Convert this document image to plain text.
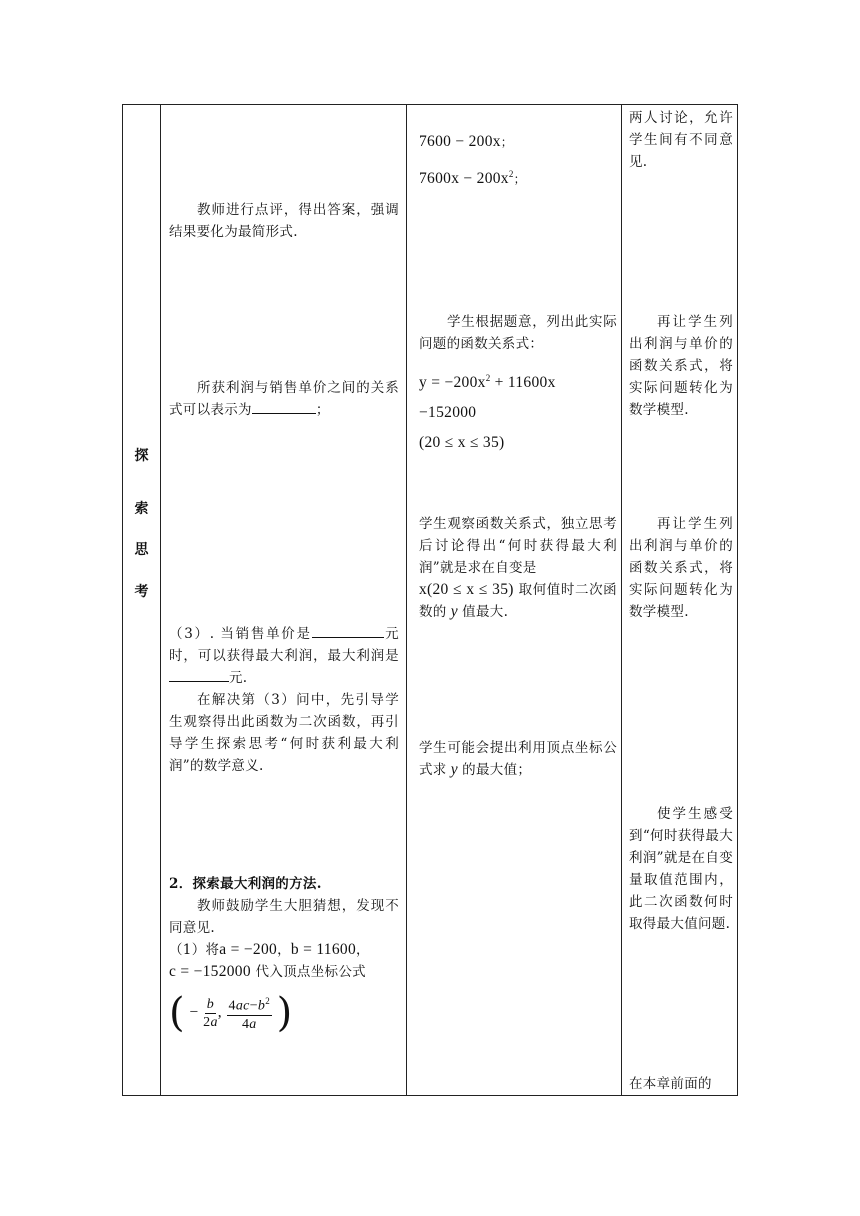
探
索
思
考
教师进行点评，得出答案，强调结果要化为最简形式.
所获利润与销售单价之间的关系式可以表示为	；
（3）. 当销售单价是	元时，可以获得最大利润，最大利润是元.
在解决第（3）问中，先引导学生观察得出此函数为二次函数，再引导学生探索思考“何时获利最大利润”的数学意义.
2．探索最大利润的方法.
教师鼓励学生大胆猜想，发现不同意见.
（1）将a = −200，b = 11600，
c = −152000 代入顶点坐标公式
( − $\frac{b}{2a}$ , $\frac{4ac-b^2}{4a}$ )
7600 − 200x；
$7600x - 200x^2$；
学生根据题意，列出此实际问题的函数关系式：
$y = -200x^2 + 11600x$
−152000
(20 ≤ x ≤ 35)
学生观察函数关系式，独立思考后讨论得出“何时获得最大利润”就是求在自变是
x(20 ≤ x ≤ 35) 取何值时二次函数的 y 值最大.
学生可能会提出利用顶点坐标公式求 y 的最大值；
两人讨论，允许学生间有不同意见.
再让学生列出利润与单价的函数关系式，将实际问题转化为数学模型.
再让学生列出利润与单价的函数关系式，将实际问题转化为数学模型.
使学生感受到“何时获得最大利润”就是在自变量取值范围内，此二次函数何时取得最大值问题.
在本章前面的
